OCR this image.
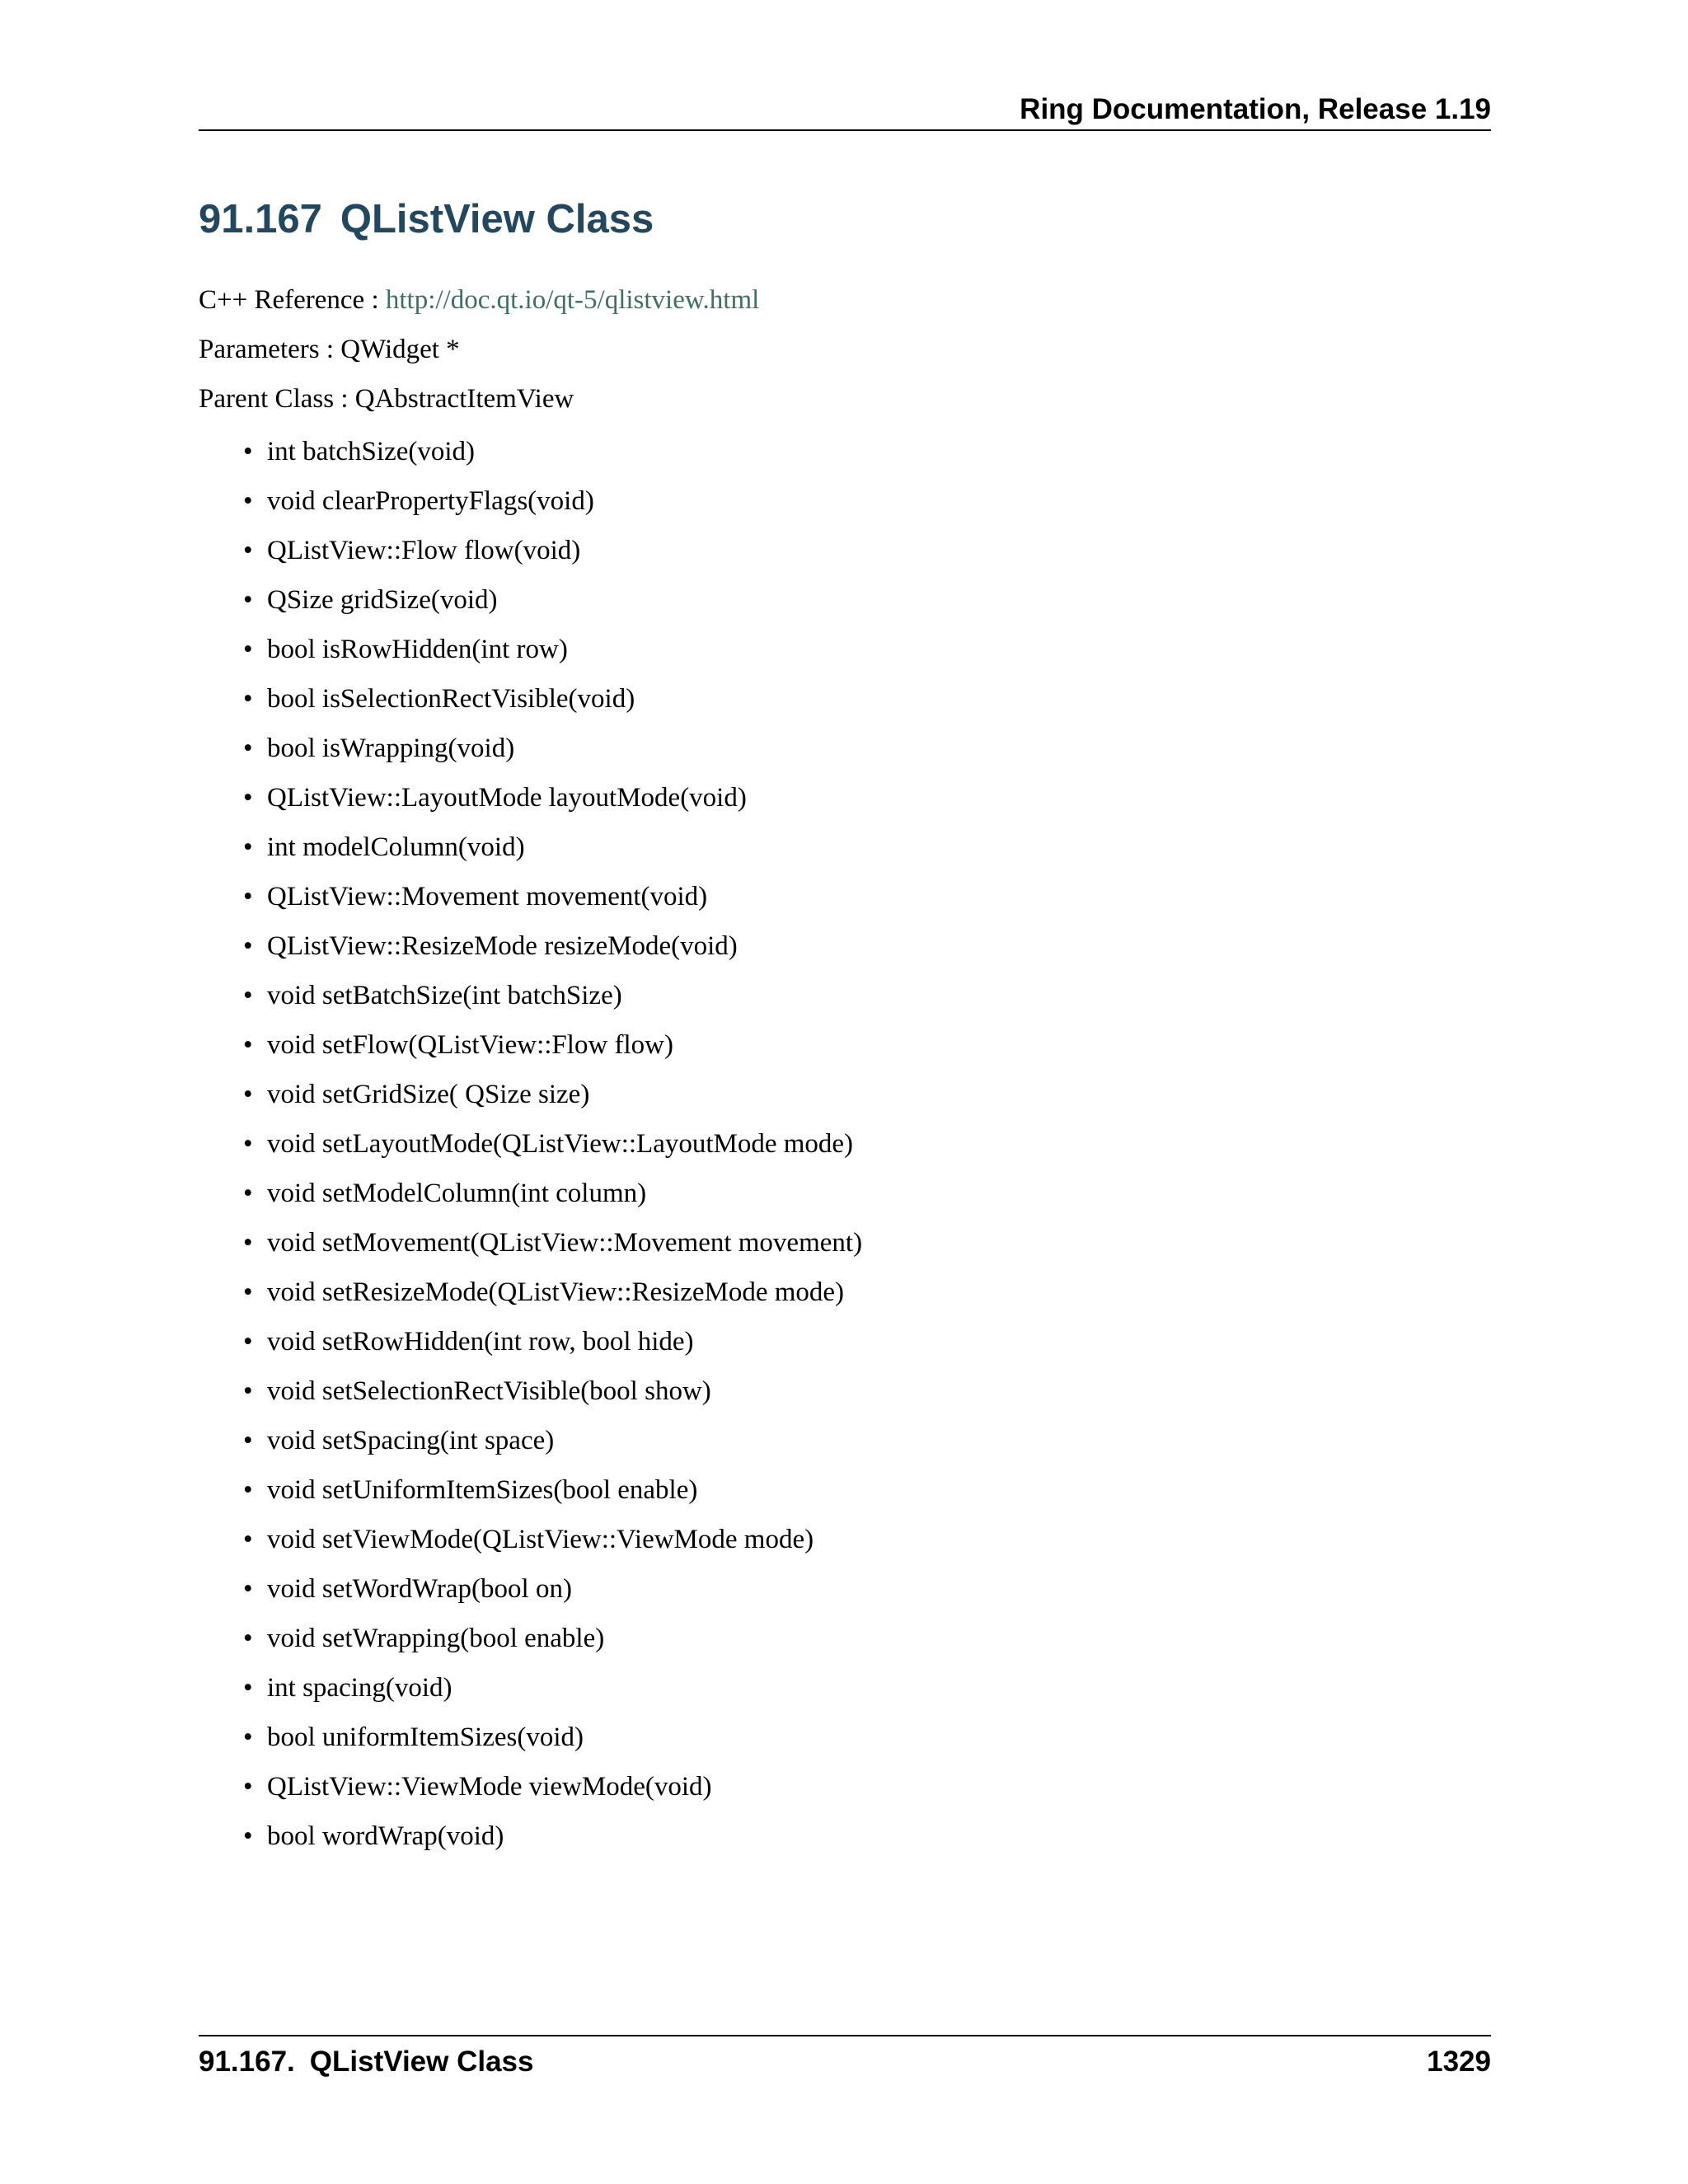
Ring Documentation, Release 1.19
91.167 QListView Class
C++ Reference : http://doc.qt.io/qt-5/qlistview.html
Parameters : QWidget *
Parent Class : QAbstractItemView
• int batchSize(void)
• void clearPropertyFlags(void)
• QListView::Flow flow(void)
• QSize gridSize(void)
• bool isRowHidden(int row)
• bool isSelectionRectVisible(void)
• bool isWrapping(void)
• QListView::LayoutMode layoutMode(void)
• int modelColumn(void)
• QListView::Movement movement(void)
• QListView::ResizeMode resizeMode(void)
• void setBatchSize(int batchSize)
• void setFlow(QListView::Flow flow)
• void setGridSize( QSize size)
• void setLayoutMode(QListView::LayoutMode mode)
• void setModelColumn(int column)
• void setMovement(QListView::Movement movement)
• void setResizeMode(QListView::ResizeMode mode)
• void setRowHidden(int row, bool hide)
• void setSelectionRectVisible(bool show)
• void setSpacing(int space)
• void setUniformItemSizes(bool enable)
• void setViewMode(QListView::ViewMode mode)
• void setWordWrap(bool on)
• void setWrapping(bool enable)
• int spacing(void)
• bool uniformItemSizes(void)
• QListView::ViewMode viewMode(void)
• bool wordWrap(void)
91.167. QListView Class	1329
